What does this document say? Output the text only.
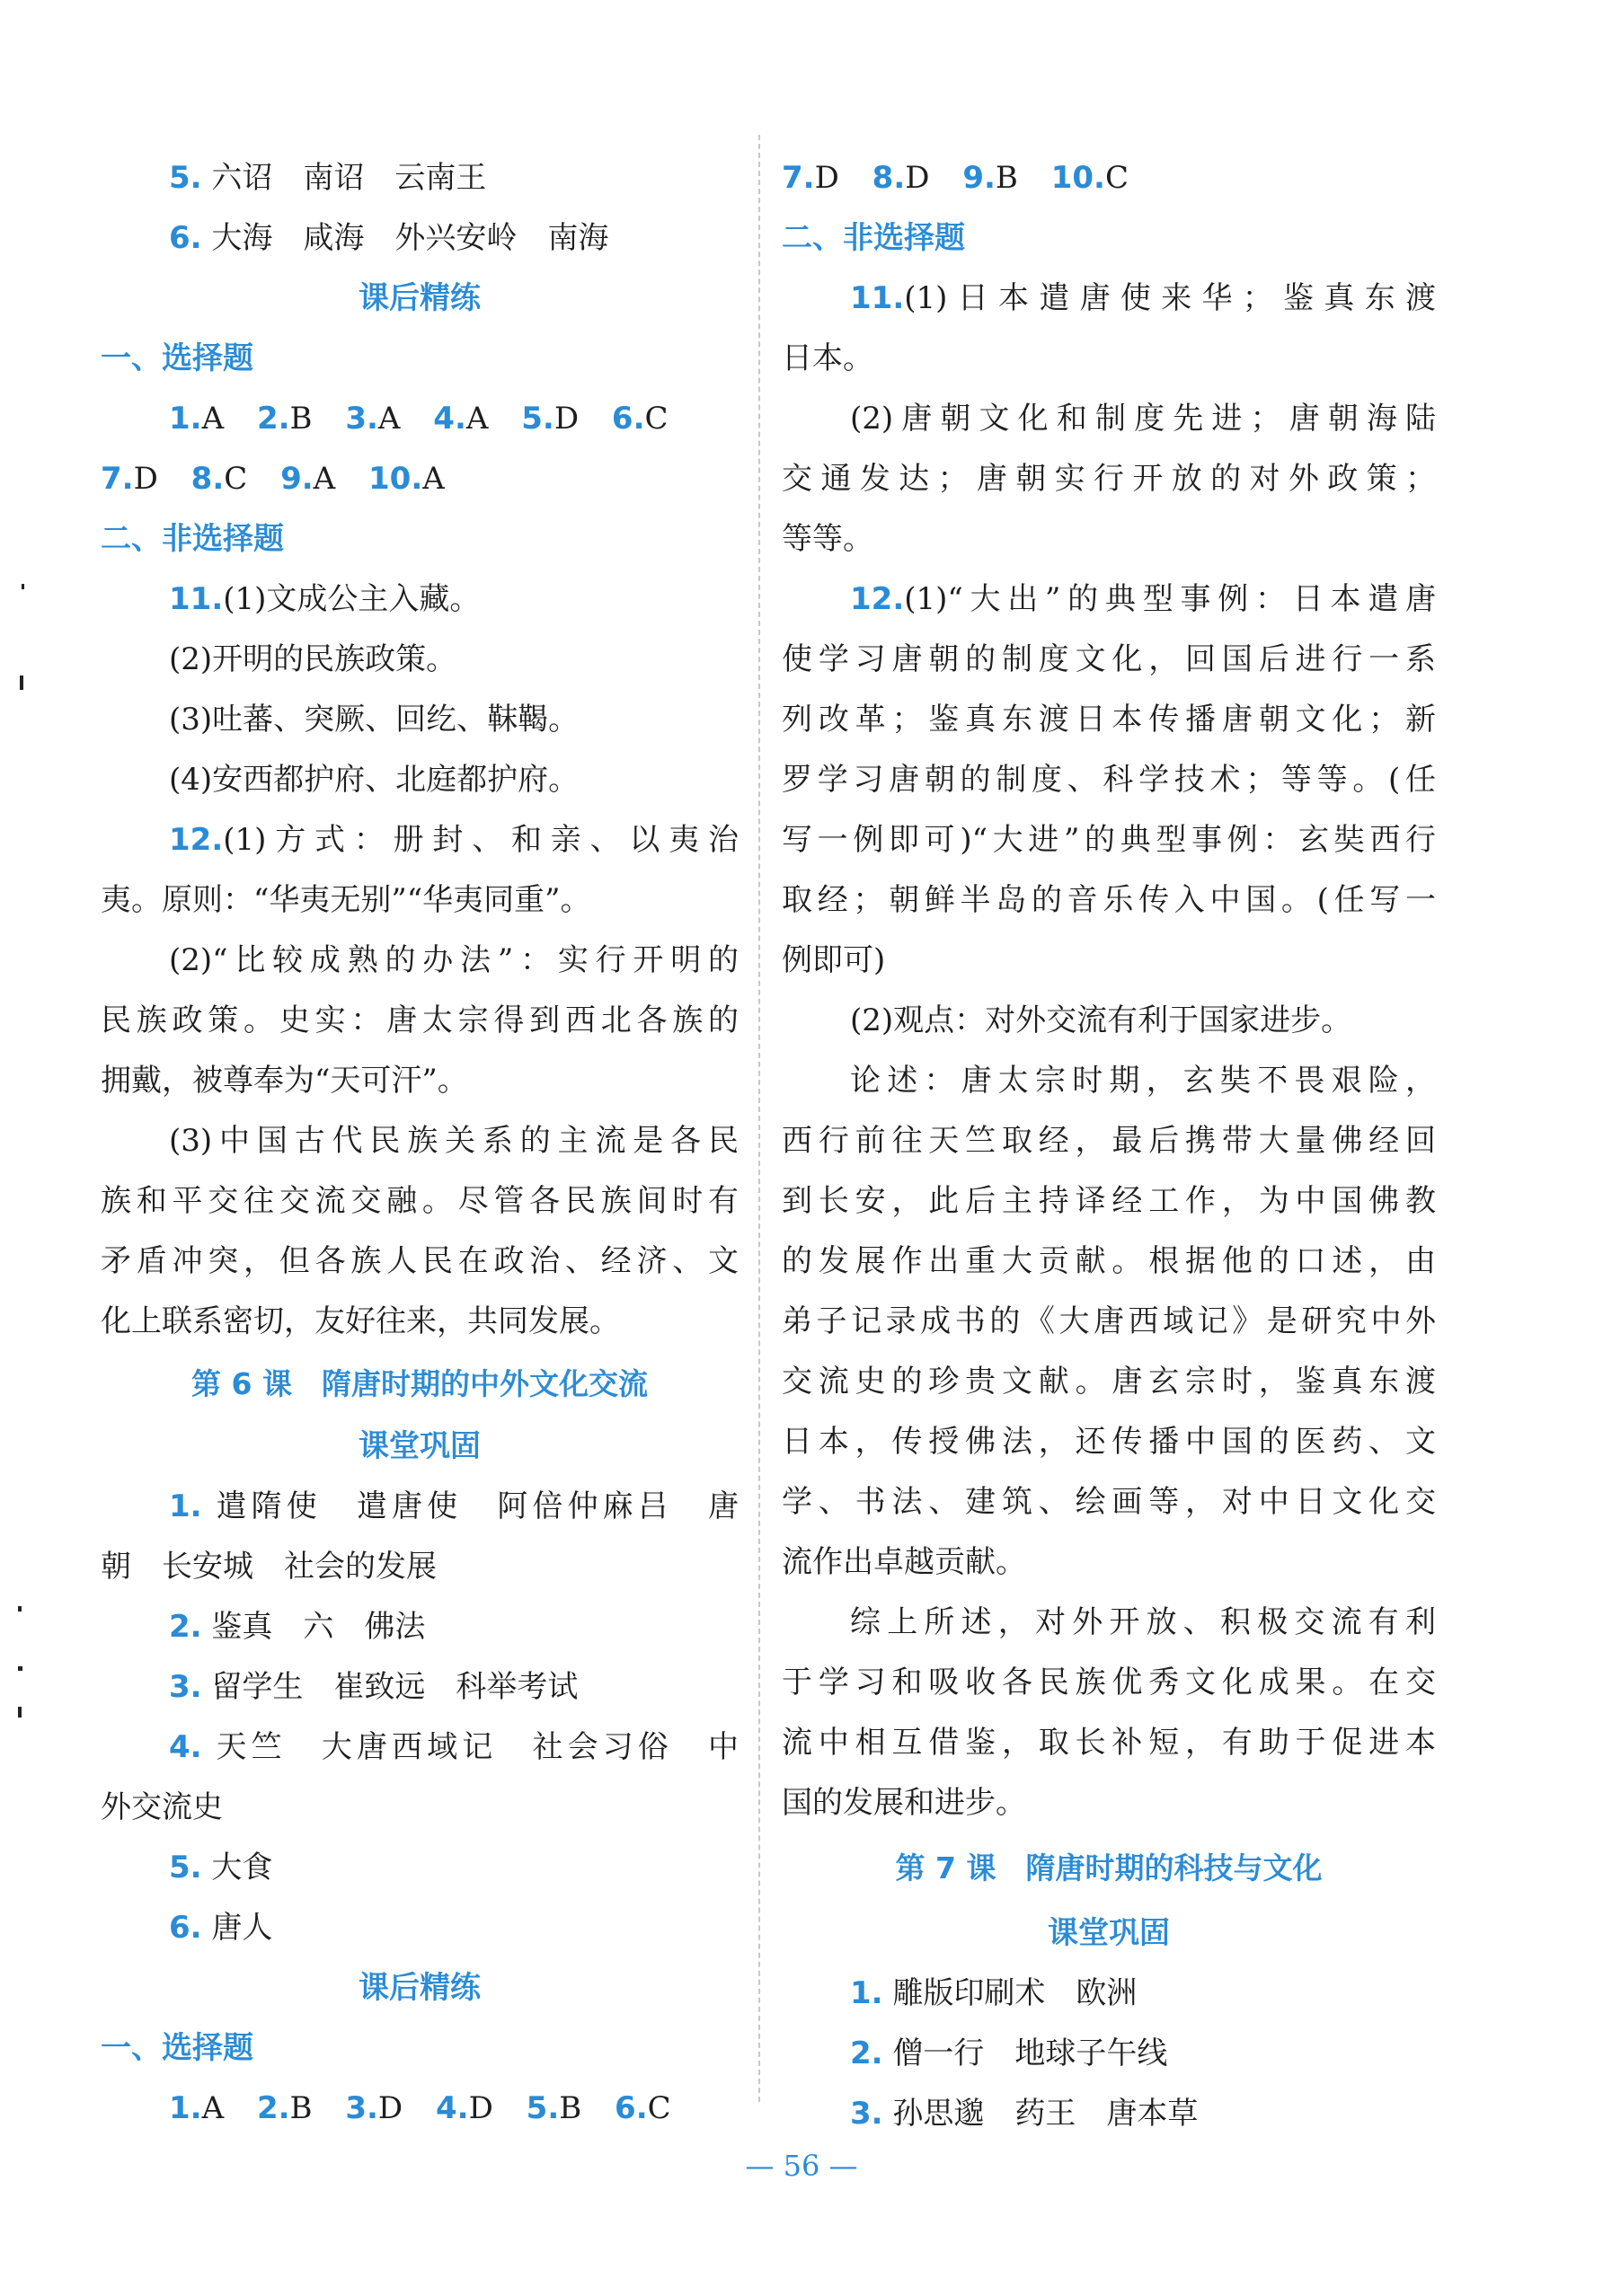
5. 六诏　南诏　云南王
6. 大海　咸海　外兴安岭　南海
课后精练
一、选择题
1.A 2.B 3.A 4.A 5.D 6.C
7.D 8.C 9.A 10.A
二、非选择题
11.(1)文成公主入藏。
(2)开明的民族政策。
(3)吐蕃、突厥、回纥、靺鞨。
(4)安西都护府、北庭都护府。
12.(1)方式：册封、和亲、以夷治
夷。原则：“华夷无别”“华夷同重”。
(2)“比较成熟的办法”：实行开明的
民族政策。史实：唐太宗得到西北各族的
拥戴，被尊奉为“天可汗”。
(3)中国古代民族关系的主流是各民
族和平交往交流交融。尽管各民族间时有
矛盾冲突，但各族人民在政治、经济、文
化上联系密切，友好往来，共同发展。
第 6 课　隋唐时期的中外文化交流
课堂巩固
1. 遣隋使　遣唐使　阿倍仲麻吕　唐
朝　长安城　社会的发展
2. 鉴真　六　佛法
3. 留学生　崔致远　科举考试
4. 天竺　大唐西域记　社会习俗　中
外交流史
5. 大食
6. 唐人
课后精练
一、选择题
1.A 2.B 3.D 4.D 5.B 6.C
7.D 8.D 9.B 10.C
二、非选择题
11.(1)日本遣唐使来华；鉴真东渡
日本。
(2)唐朝文化和制度先进；唐朝海陆
交通发达；唐朝实行开放的对外政策；
等等。
12.(1)“大出”的典型事例：日本遣唐
使学习唐朝的制度文化，回国后进行一系
列改革；鉴真东渡日本传播唐朝文化；新
罗学习唐朝的制度、科学技术；等等。(任
写一例即可)“大进”的典型事例：玄奘西行
取经；朝鲜半岛的音乐传入中国。(任写一
例即可)
(2)观点：对外交流有利于国家进步。
论述：唐太宗时期，玄奘不畏艰险，
西行前往天竺取经，最后携带大量佛经回
到长安，此后主持译经工作，为中国佛教
的发展作出重大贡献。根据他的口述，由
弟子记录成书的《大唐西域记》是研究中外
交流史的珍贵文献。唐玄宗时，鉴真东渡
日本，传授佛法，还传播中国的医药、文
学、书法、建筑、绘画等，对中日文化交
流作出卓越贡献。
综上所述，对外开放、积极交流有利
于学习和吸收各民族优秀文化成果。在交
流中相互借鉴，取长补短，有助于促进本
国的发展和进步。
第 7 课　隋唐时期的科技与文化
课堂巩固
1. 雕版印刷术　欧洲
2. 僧一行　地球子午线
3. 孙思邈　药王　唐本草
— 56 —
